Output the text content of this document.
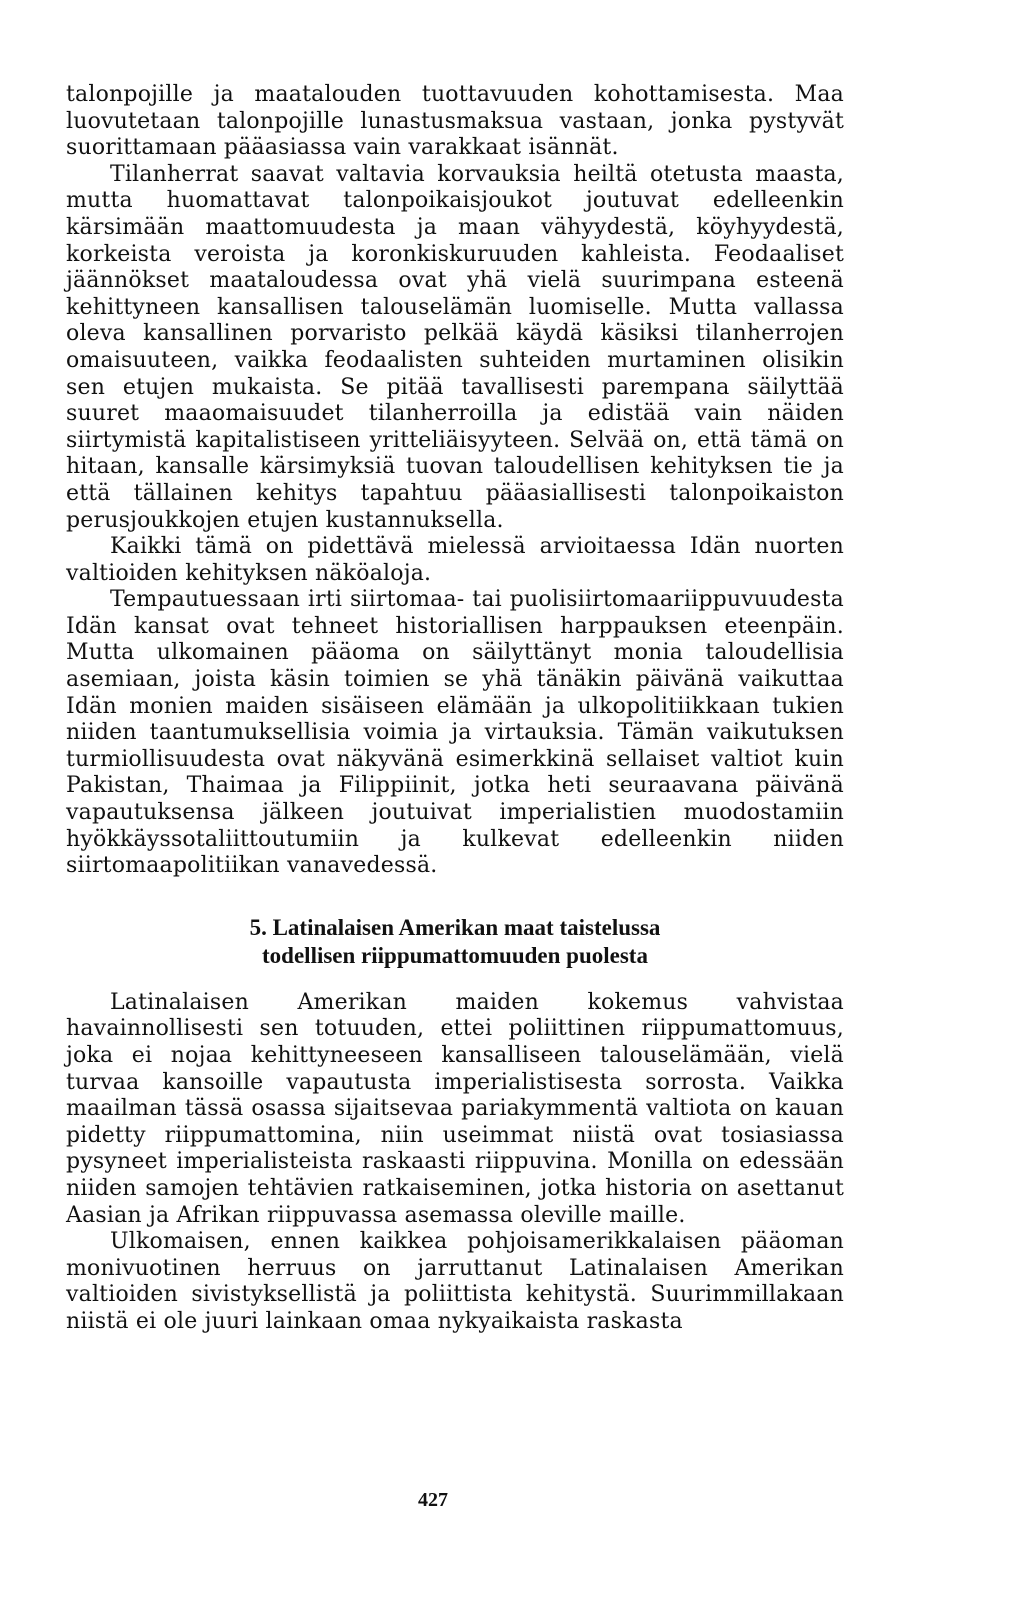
talonpojille ja maatalouden tuottavuuden kohottamisesta. Maa luovutetaan talonpojille lunastusmaksua vastaan, jonka pystyvät suorittamaan pääasiassa vain varakkaat isännät.

Tilanherrat saavat valtavia korvauksia heiltä otetusta maasta, mutta huomattavat talonpoikaisjoukot joutuvat edelleenkin kärsimään maattomuudesta ja maan vähyydestä, köyhyydestä, korkeista veroista ja koronkiskuruuden kahleista. Feodaaliset jäännökset maataloudessa ovat yhä vielä suurimpana esteenä kehittyneen kansallisen talouselämän luomiselle. Mutta vallassa oleva kansallinen porvaristo pelkää käydä käsiksi tilanherrojen omaisuuteen, vaikka feodaalisten suhteiden murtaminen olisikin sen etujen mukaista. Se pitää tavallisesti parempana säilyttää suuret maaomaisuudet tilanherroilla ja edistää vain näiden siirtymistä kapitalistiseen yritteliäisyyteen. Selvää on, että tämä on hitaan, kansalle kärsimyksiä tuovan taloudellisen kehityksen tie ja että tällainen kehitys tapahtuu pääasiallisesti talonpoikaiston perusjoukkojen etujen kustannuksella.

Kaikki tämä on pidettävä mielessä arvioitaessa Idän nuorten valtioiden kehityksen näköaloja.

Tempautuessaan irti siirtomaa- tai puolisiirtomaariippuvuudesta Idän kansat ovat tehneet historiallisen harppauksen eteenpäin. Mutta ulkomainen pääoma on säilyttänyt monia taloudellisia asemiaan, joista käsin toimien se yhä tänäkin päivänä vaikuttaa Idän monien maiden sisäiseen elämään ja ulkopolitiikkaan tukien niiden taantumuksellisia voimia ja virtauksia. Tämän vaikutuksen turmiollisuudesta ovat näkyvänä esimerkkinä sellaiset valtiot kuin Pakistan, Thaimaa ja Filippiinit, jotka heti seuraavana päivänä vapautuksensa jälkeen joutuivat imperialistien muodostamiin hyökkäyssotaliittoutumiin ja kulkevat edelleenkin niiden siirtomaapolitiikan vanavedessä.

5. Latinalaisen Amerikan maat taistelussa
todellisen riippumattomuuden puolesta

Latinalaisen Amerikan maiden kokemus vahvistaa havainnollisesti sen totuuden, ettei poliittinen riippumattomuus, joka ei nojaa kehittyneeseen kansalliseen talouselämään, vielä turvaa kansoille vapautusta imperialistisesta sorrosta. Vaikka maailman tässä osassa sijaitsevaa pariakymmentä valtiota on kauan pidetty riippumattomina, niin useimmat niistä ovat tosiasiassa pysyneet imperialisteista raskaasti riippuvina. Monilla on edessään niiden samojen tehtävien ratkaiseminen, jotka historia on asettanut Aasian ja Afrikan riippuvassa asemassa oleville maille.

Ulkomaisen, ennen kaikkea pohjoisamerikkalaisen pääoman monivuotinen herruus on jarruttanut Latinalaisen Amerikan valtioiden sivistyksellistä ja poliittista kehitystä. Suurimmillakaan niistä ei ole juuri lainkaan omaa nykyaikaista raskasta

427
